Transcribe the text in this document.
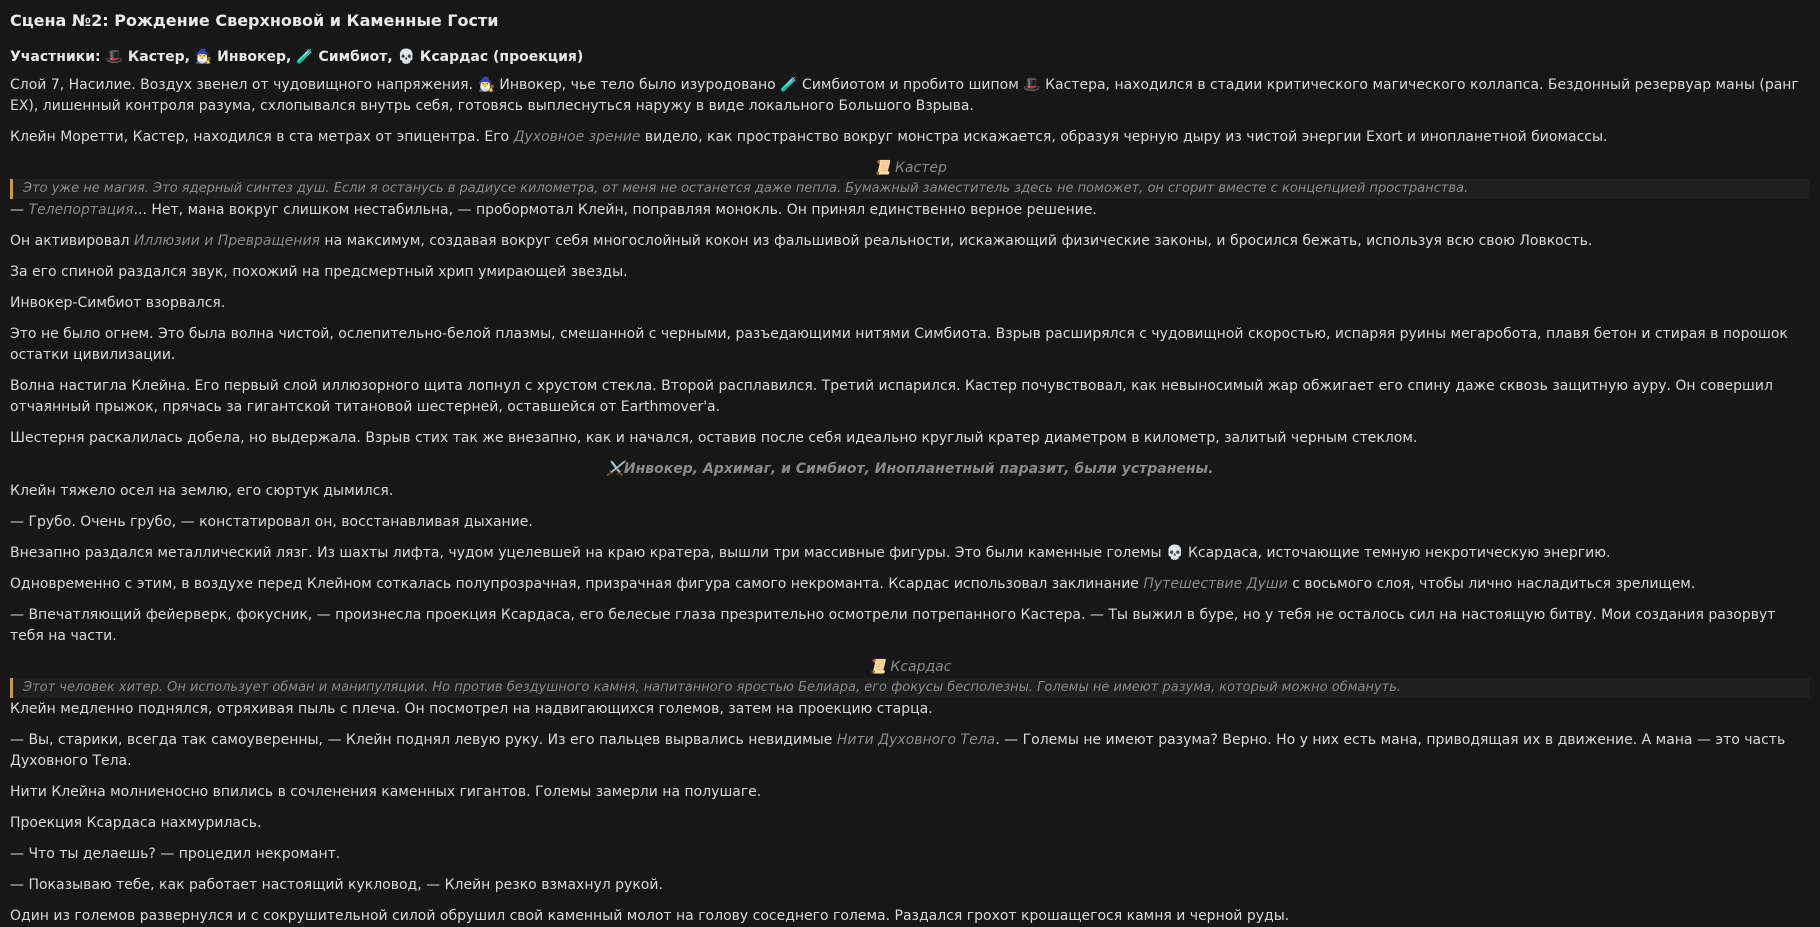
Сцена №2: Рождение Сверхновой и Каменные Гости
Участники: 🎩 Кастер, 🧙‍♂️ Инвокер, 🧪 Симбиот, 💀 Ксардас (проекция)

Слой 7, Насилие. Воздух звенел от чудовищного напряжения. 🧙‍♂️ Инвокер, чье тело было изуродовано 🧪 Симбиотом и пробито шипом 🎩 Кастера, находился в стадии критического магического коллапса. Бездонный резервуар маны (ранг EX), лишенный контроля разума, схлопывался внутрь себя, готовясь выплеснуться наружу в виде локального Большого Взрыва.

Клейн Моретти, Кастер, находился в ста метрах от эпицентра. Его Духовное зрение видело, как пространство вокруг монстра искажается, образуя черную дыру из чистой энергии Exort и инопланетной биомассы.

📜 Кастер
Это уже не магия. Это ядерный синтез душ. Если я останусь в радиусе километра, от меня не останется даже пепла. Бумажный заместитель здесь не поможет, он сгорит вместе с концепцией пространства.

— Телепортация... Нет, мана вокруг слишком нестабильна, — пробормотал Клейн, поправляя монокль. Он принял единственно верное решение.

Он активировал Иллюзии и Превращения на максимум, создавая вокруг себя многослойный кокон из фальшивой реальности, искажающий физические законы, и бросился бежать, используя всю свою Ловкость.

За его спиной раздался звук, похожий на предсмертный хрип умирающей звезды.

Инвокер-Симбиот взорвался.

Это не было огнем. Это была волна чистой, ослепительно-белой плазмы, смешанной с черными, разъедающими нитями Симбиота. Взрыв расширялся с чудовищной скоростью, испаряя руины мегаробота, плавя бетон и стирая в порошок остатки цивилизации.

Волна настигла Клейна. Его первый слой иллюзорного щита лопнул с хрустом стекла. Второй расплавился. Третий испарился. Кастер почувствовал, как невыносимый жар обжигает его спину даже сквозь защитную ауру. Он совершил отчаянный прыжок, прячась за гигантской титановой шестерней, оставшейся от Earthmover'а.

Шестерня раскалилась добела, но выдержала. Взрыв стих так же внезапно, как и начался, оставив после себя идеально круглый кратер диаметром в километр, залитый черным стеклом.

⚔️Инвокер, Архимаг, и Симбиот, Инопланетный паразит, были устранены.

Клейн тяжело осел на землю, его сюртук дымился.

— Грубо. Очень грубо, — констатировал он, восстанавливая дыхание.

Внезапно раздался металлический лязг. Из шахты лифта, чудом уцелевшей на краю кратера, вышли три массивные фигуры. Это были каменные големы 💀 Ксардаса, источающие темную некротическую энергию.

Одновременно с этим, в воздухе перед Клейном соткалась полупрозрачная, призрачная фигура самого некроманта. Ксардас использовал заклинание Путешествие Души с восьмого слоя, чтобы лично насладиться зрелищем.

— Впечатляющий фейерверк, фокусник, — произнесла проекция Ксардаса, его белесые глаза презрительно осмотрели потрепанного Кастера. — Ты выжил в буре, но у тебя не осталось сил на настоящую битву. Мои создания разорвут тебя на части.

📜 Ксардас
Этот человек хитер. Он использует обман и манипуляции. Но против бездушного камня, напитанного яростью Белиара, его фокусы бесполезны. Големы не имеют разума, который можно обмануть.

Клейн медленно поднялся, отряхивая пыль с плеча. Он посмотрел на надвигающихся големов, затем на проекцию старца.

— Вы, старики, всегда так самоуверенны, — Клейн поднял левую руку. Из его пальцев вырвались невидимые Нити Духовного Тела. — Големы не имеют разума? Верно. Но у них есть мана, приводящая их в движение. А мана — это часть Духовного Тела.

Нити Клейна молниеносно впились в сочленения каменных гигантов. Големы замерли на полушаге.

Проекция Ксардаса нахмурилась.

— Что ты делаешь? — процедил некромант.

— Показываю тебе, как работает настоящий кукловод, — Клейн резко взмахнул рукой.

Один из големов развернулся и с сокрушительной силой обрушил свой каменный молот на голову соседнего голема. Раздался грохот крошащегося камня и черной руды.
